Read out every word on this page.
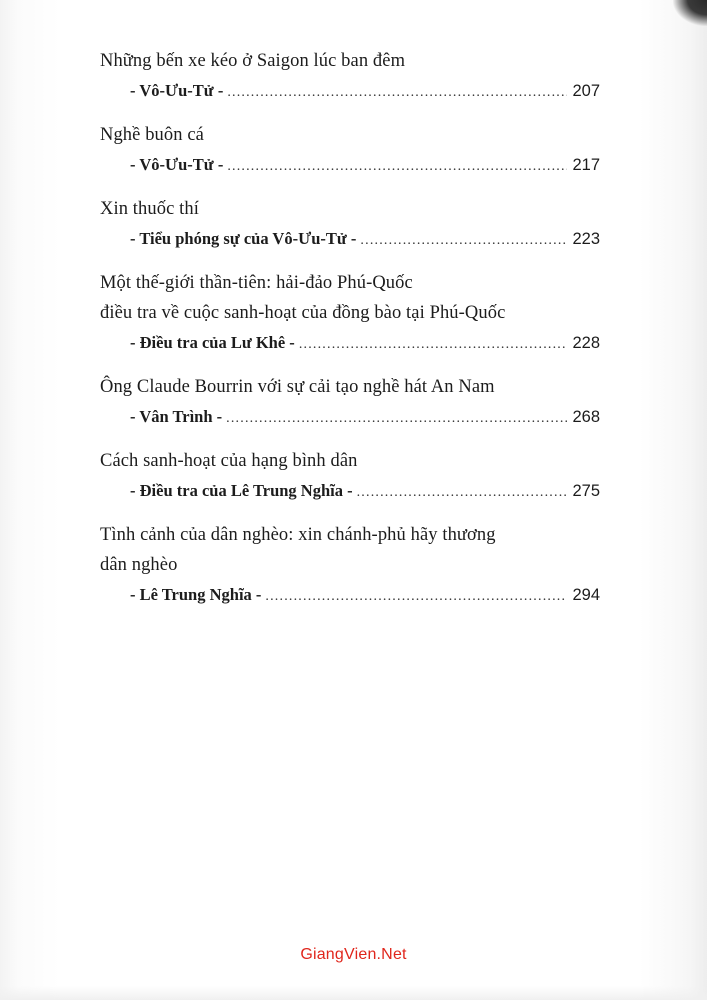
Những bến xe kéo ở Saigon lúc ban đêm
- Vô-Ưu-Tử - .....	207
Nghề buôn cá
- Vô-Ưu-Tử - .....	217
Xin thuốc thí
- Tiểu phóng sự của Vô-Ưu-Tử - .....	223
Một thế-giới thần-tiên: hải-đảo Phú-Quốc
điều tra về cuộc sanh-hoạt của đồng bào tại Phú-Quốc
- Điều tra của Lư Khê - .....	228
Ông Claude Bourrin với sự cải tạo nghề hát An Nam
- Vân Trình - .....	268
Cách sanh-hoạt của hạng bình dân
- Điều tra của Lê Trung Nghĩa - .....	275
Tình cảnh của dân nghèo: xin chánh-phủ hãy thương
dân nghèo
- Lê Trung Nghĩa - .....	294
GiangVien.Net
